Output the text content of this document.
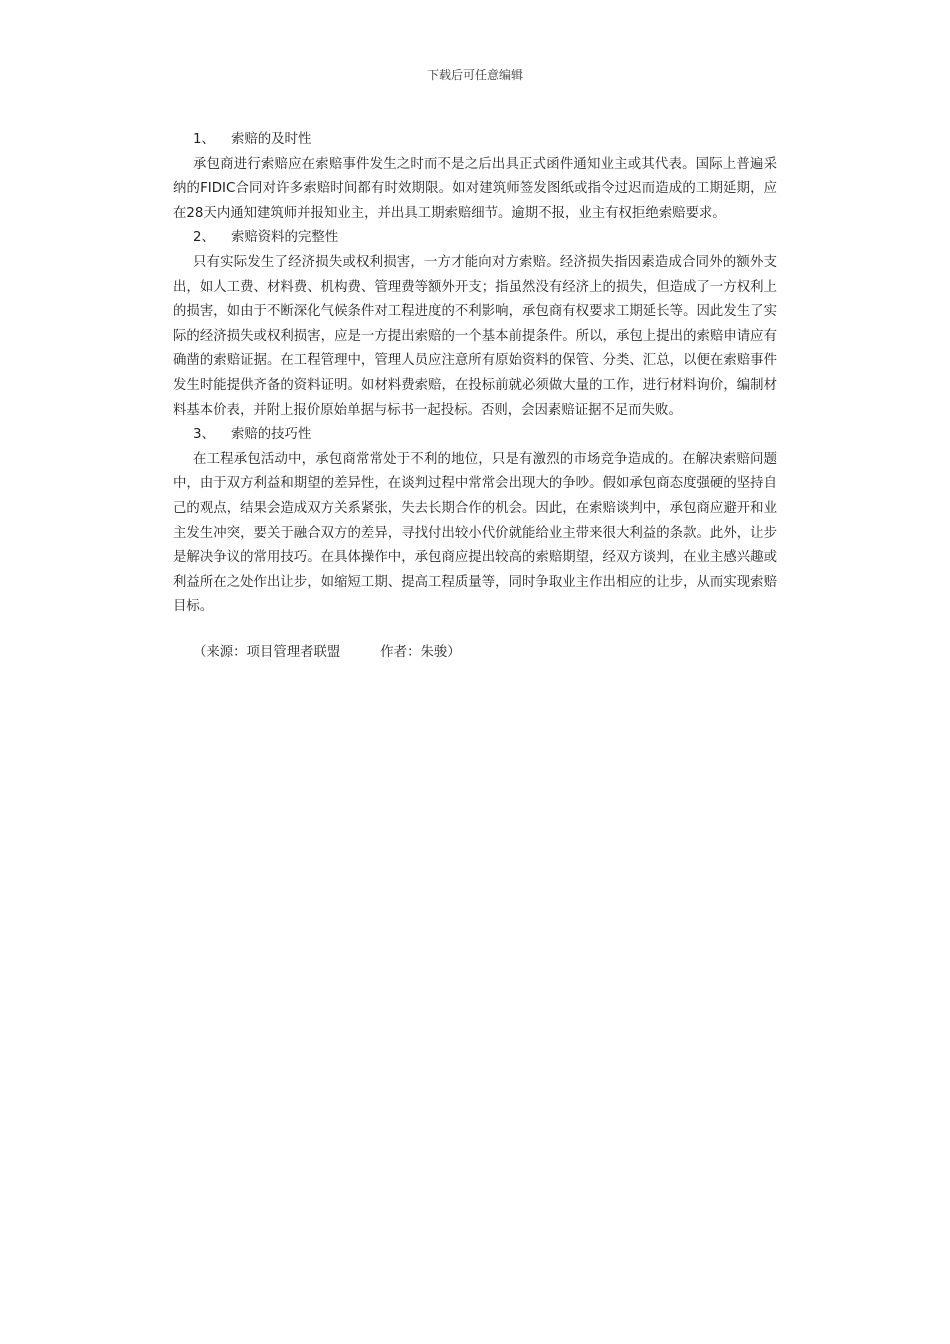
下载后可任意编辑

1、 索赔的及时性

承包商进行索赔应在索赔事件发生之时而不是之后出具正式函件通知业主或其代表。国际上普遍采纳的FIDIC合同对许多索赔时间都有时效期限。如对建筑师签发图纸或指令过迟而造成的工期延期，应在28天内通知建筑师并报知业主，并出具工期索赔细节。逾期不报，业主有权拒绝索赔要求。

2、 索赔资料的完整性

只有实际发生了经济损失或权利损害，一方才能向对方索赔。经济损失指因素造成合同外的额外支出，如人工费、材料费、机构费、管理费等额外开支；指虽然没有经济上的损失，但造成了一方权利上的损害，如由于不断深化气候条件对工程进度的不利影响，承包商有权要求工期延长等。因此发生了实际的经济损失或权利损害，应是一方提出索赔的一个基本前提条件。所以，承包上提出的索赔申请应有确凿的索赔证据。在工程管理中，管理人员应注意所有原始资料的保管、分类、汇总，以便在索赔事件发生时能提供齐备的资料证明。如材料费索赔，在投标前就必须做大量的工作，进行材料询价，编制材料基本价表，并附上报价原始单据与标书一起投标。否则，会因素赔证据不足而失败。

3、 索赔的技巧性

在工程承包活动中，承包商常常处于不利的地位，只是有激烈的市场竞争造成的。在解决索赔问题中，由于双方利益和期望的差异性，在谈判过程中常常会出现大的争吵。假如承包商态度强硬的坚持自己的观点，结果会造成双方关系紧张，失去长期合作的机会。因此，在索赔谈判中，承包商应避开和业主发生冲突，要关于融合双方的差异，寻找付出较小代价就能给业主带来很大利益的条款。此外，让步是解决争议的常用技巧。在具体操作中，承包商应提出较高的索赔期望，经双方谈判，在业主感兴趣或利益所在之处作出让步，如缩短工期、提高工程质量等，同时争取业主作出相应的让步，从而实现索赔目标。

（来源：项目管理者联盟	作者：朱骏）
